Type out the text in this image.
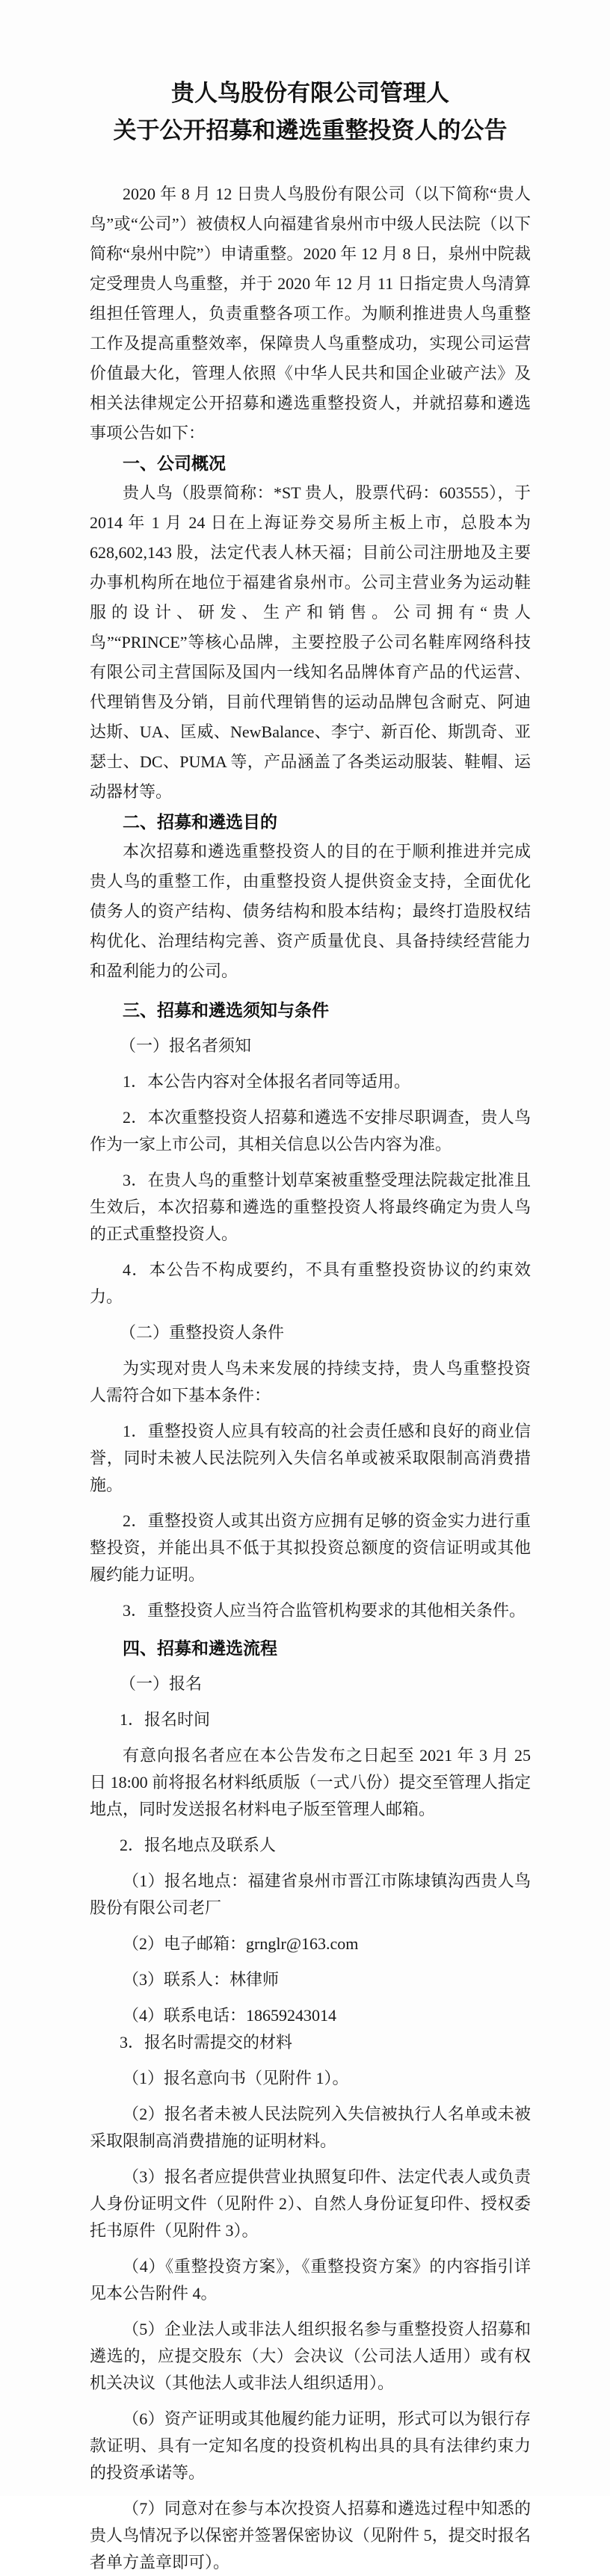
贵人鸟股份有限公司管理人
关于公开招募和遴选重整投资人的公告

2020 年 8 月 12 日贵人鸟股份有限公司（以下简称“贵人鸟”或“公司”）被债权人向福建省泉州市中级人民法院（以下简称“泉州中院”）申请重整。2020 年 12 月 8 日，泉州中院裁定受理贵人鸟重整，并于 2020 年 12 月 11 日指定贵人鸟清算组担任管理人，负责重整各项工作。为顺利推进贵人鸟重整工作及提高重整效率，保障贵人鸟重整成功，实现公司运营价值最大化，管理人依照《中华人民共和国企业破产法》及相关法律规定公开招募和遴选重整投资人，并就招募和遴选事项公告如下：

一、公司概况

贵人鸟（股票简称：*ST 贵人，股票代码：603555），于 2014 年 1 月 24 日在上海证券交易所主板上市，总股本为 628,602,143 股，法定代表人林天福；目前公司注册地及主要办事机构所在地位于福建省泉州市。公司主营业务为运动鞋服的设计、研发、生产和销售。公司拥有“贵人鸟”“PRINCE”等核心品牌，主要控股子公司名鞋库网络科技有限公司主营国际及国内一线知名品牌体育产品的代运营、代理销售及分销，目前代理销售的运动品牌包含耐克、阿迪达斯、UA、匡威、NewBalance、李宁、新百伦、斯凯奇、亚瑟士、DC、PUMA 等，产品涵盖了各类运动服装、鞋帽、运动器材等。

二、招募和遴选目的

本次招募和遴选重整投资人的目的在于顺利推进并完成贵人鸟的重整工作，由重整投资人提供资金支持，全面优化债务人的资产结构、债务结构和股本结构；最终打造股权结构优化、治理结构完善、资产质量优良、具备持续经营能力和盈利能力的公司。

三、招募和遴选须知与条件

（一）报名者须知

1．本公告内容对全体报名者同等适用。

2．本次重整投资人招募和遴选不安排尽职调查，贵人鸟作为一家上市公司，其相关信息以公告内容为准。

3．在贵人鸟的重整计划草案被重整受理法院裁定批准且生效后，本次招募和遴选的重整投资人将最终确定为贵人鸟的正式重整投资人。

4．本公告不构成要约，不具有重整投资协议的约束效力。

（二）重整投资人条件

为实现对贵人鸟未来发展的持续支持，贵人鸟重整投资人需符合如下基本条件：

1．重整投资人应具有较高的社会责任感和良好的商业信誉，同时未被人民法院列入失信名单或被采取限制高消费措施。

2．重整投资人或其出资方应拥有足够的资金实力进行重整投资，并能出具不低于其拟投资总额度的资信证明或其他履约能力证明。

3．重整投资人应当符合监管机构要求的其他相关条件。

四、招募和遴选流程

（一）报名

1．报名时间

有意向报名者应在本公告发布之日起至 2021 年 3 月 25 日 18:00 前将报名材料纸质版（一式八份）提交至管理人指定地点，同时发送报名材料电子版至管理人邮箱。

2．报名地点及联系人

（1）报名地点：福建省泉州市晋江市陈埭镇沟西贵人鸟股份有限公司老厂

（2）电子邮箱：grnglr@163.com

（3）联系人：林律师

（4）联系电话：18659243014

3．报名时需提交的材料

（1）报名意向书（见附件 1）。

（2）报名者未被人民法院列入失信被执行人名单或未被采取限制高消费措施的证明材料。

（3）报名者应提供营业执照复印件、法定代表人或负责人身份证明文件（见附件 2）、自然人身份证复印件、授权委托书原件（见附件 3）。

（4）《重整投资方案》，《重整投资方案》的内容指引详见本公告附件 4。

（5）企业法人或非法人组织报名参与重整投资人招募和遴选的，应提交股东（大）会决议（公司法人适用）或有权机关决议（其他法人或非法人组织适用）。

（6）资产证明或其他履约能力证明，形式可以为银行存款证明、具有一定知名度的投资机构出具的具有法律约束力的投资承诺等。

（7）同意对在参与本次投资人招募和遴选过程中知悉的贵人鸟情况予以保密并签署保密协议（见附件 5，提交时报名者单方盖章即可）。
